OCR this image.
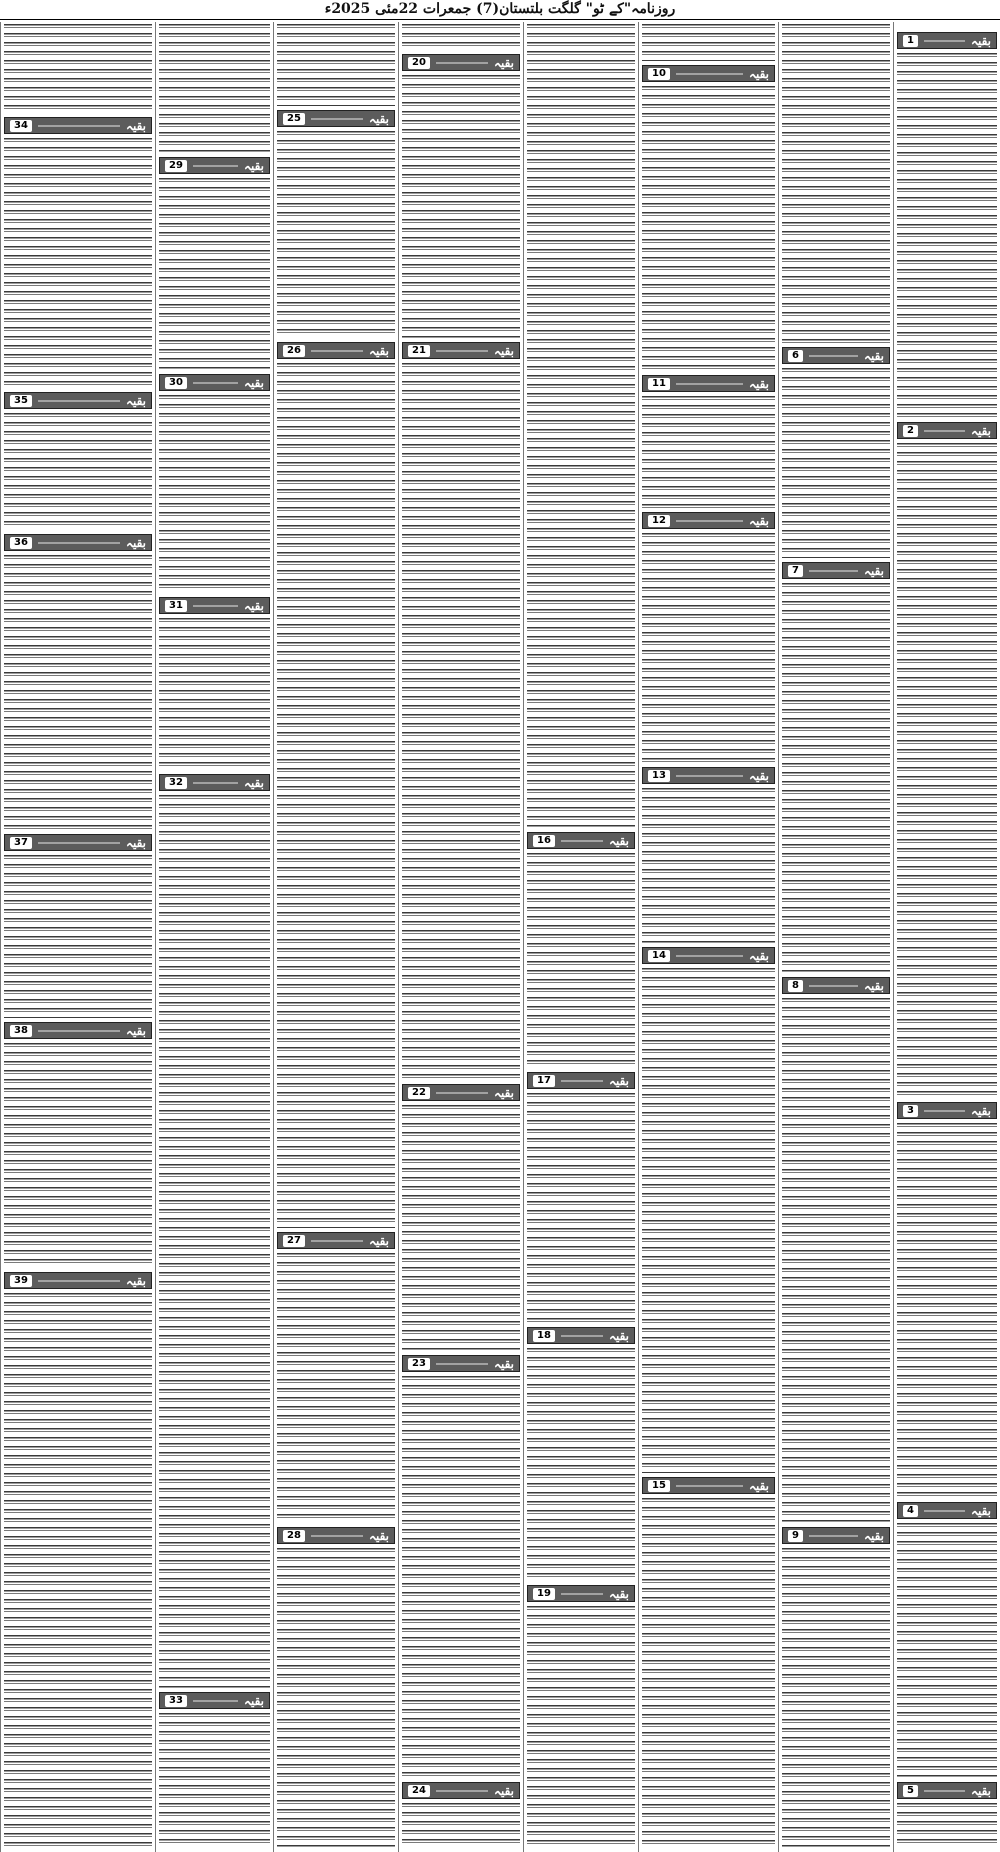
روزنامہ"کے ٹو" گلگت بلتستان(7) جمعرات 22مئی 2025ء
1	بقیہ
2	بقیہ
3	بقیہ
4	بقیہ
5	بقیہ
6	بقیہ
7	بقیہ
8	بقیہ
9	بقیہ
10	بقیہ
11	بقیہ
12	بقیہ
13	بقیہ
14	بقیہ
15	بقیہ
16	بقیہ
17	بقیہ
18	بقیہ
19	بقیہ
20	بقیہ
21	بقیہ
22	بقیہ
23	بقیہ
24	بقیہ
25	بقیہ
26	بقیہ
27	بقیہ
28	بقیہ
29	بقیہ
30	بقیہ
31	بقیہ
32	بقیہ
33	بقیہ
34	بقیہ
35	بقیہ
36	بقیہ
37	بقیہ
38	بقیہ
39	بقیہ
